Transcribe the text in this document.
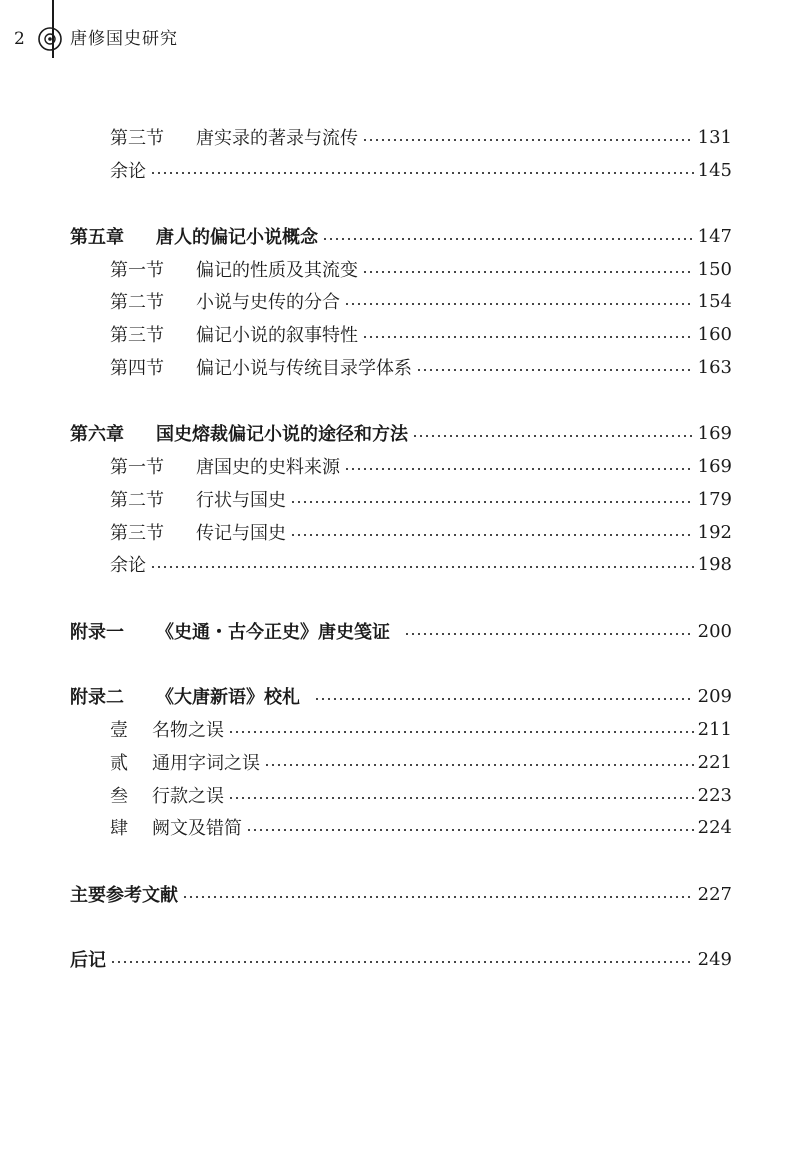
2	唐修国史研究
第三节	唐实录的著录与流传	131
余论	145
第五章	唐人的偏记小说概念	147
第一节	偏记的性质及其流变	150
第二节	小说与史传的分合	154
第三节	偏记小说的叙事特性	160
第四节	偏记小说与传统目录学体系	163
第六章	国史熔裁偏记小说的途径和方法	169
第一节	唐国史的史料来源	169
第二节	行状与国史	179
第三节	传记与国史	192
余论	198
附录一	《史通・古今正史》唐史笺证	200
附录二	《大唐新语》校札	209
壹	名物之误	211
贰	通用字词之误	221
叁	行款之误	223
肆	阙文及错简	224
主要参考文献	227
后记	249
